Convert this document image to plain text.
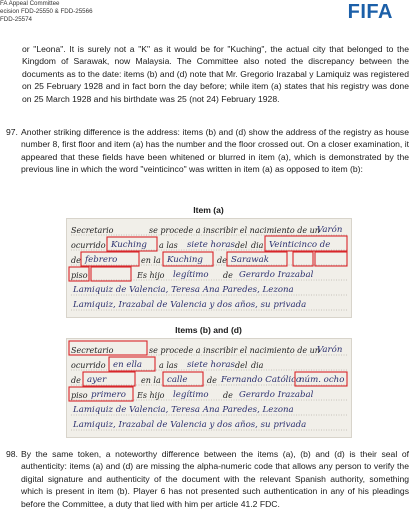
FA Appeal Committee
ecision FDD-25550 & FDD-25566
FDD-25574	FIFA
or "Leona". It is surely not a "K" as it would be for "Kuching", the actual city that belonged to the Kingdom of Sarawak, now Malaysia. The Committee also noted the discrepancy between the documents as to the date: items (b) and (d) note that Mr. Gregorio Irazabal y Lamiquiz was registered on 25 February 1928 and in fact born the day before; while item (a) states that his registry was done on 25 March 1928 and his birthdate was 25 (not 24) February 1928.
97. Another striking difference is the address: items (b) and (d) show the address of the registry as house number 8, first floor and item (a) has the number and the floor crossed out. On a closer examination, it appeared that these fields have been whitened or blurred in item (a), which is demonstrated by the previous line in which the word "veinticinco" was written in item (a) as opposed to item (b):
Item (a)
Secretario	se procede a inscribir el nacimiento de un
Varón
ocurrido Kuching a las siete horas del dia Veinticinco de
de febrero	en la Kuching de Sarawak
piso	Es hijo legítimo de Gerardo Irazabal
Lamiquiz de Valencia, Teresa Ana Paredes, Lezona
Lamiquiz, Irazabal de Valencia y dos años, su privada
Items (b) and (d)
Secretario	se procede a inscribir el nacimiento de un
Varón
ocurrido en ella a las siete horas del dia
de ayer	en la calle de Fernando Católico
núm. ocho
piso primero Es hijo legítimo de Gerardo Irazabal
Lamiquiz de Valencia, Teresa Ana Paredes, Lezona
Lamiquiz, Irazabal de Valencia y dos años, su privada
98. By the same token, a noteworthy difference between the items (a), (b) and (d) is their seal of authenticity: items (a) and (d) are missing the alpha-numeric code that allows any person to verify the digital signature and authenticity of the document with the relevant Spanish authority, something which is present in item (b). Player 6 has not presented such authentication in any of his pleadings before the Committee, a duty that lied with him per article 41.2 FDC.
